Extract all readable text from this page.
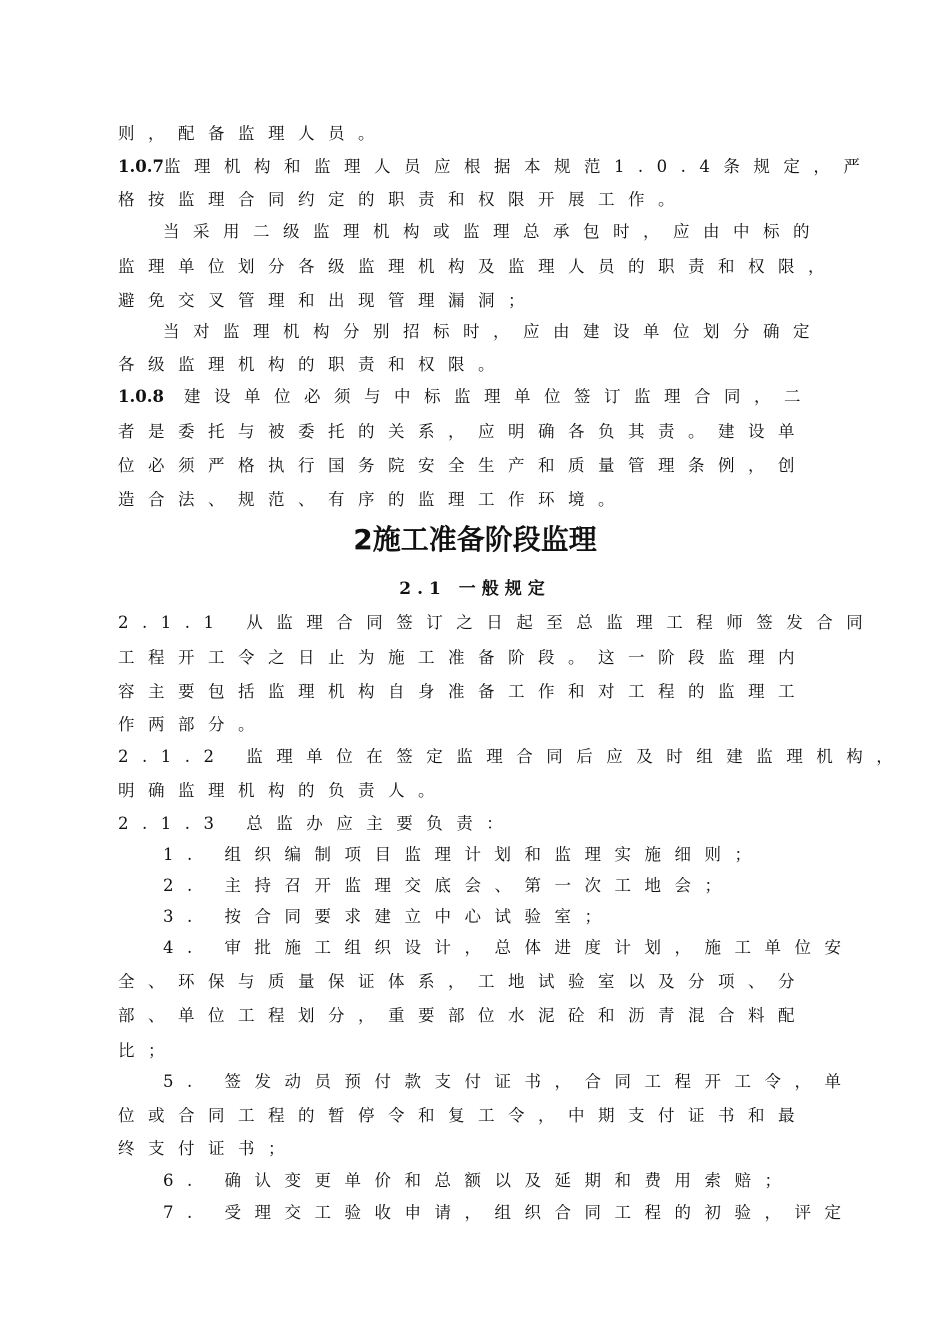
则，配备监理人员。
1.0.7监理机构和监理人员应根据本规范1.0.4条规定，严
格按监理合同约定的职责和权限开展工作。
当采用二级监理机构或监理总承包时，应由中标的
监理单位划分各级监理机构及监理人员的职责和权限，
避免交叉管理和出现管理漏洞；
当对监理机构分别招标时，应由建设单位划分确定
各级监理机构的职责和权限。
1.0.8 建设单位必须与中标监理单位签订监理合同，二
者是委托与被委托的关系，应明确各负其责。建设单
位必须严格执行国务院安全生产和质量管理条例，创
造合法、规范、有序的监理工作环境。
2施工准备阶段监理
2.1 一般规定
2.1.1 从监理合同签订之日起至总监理工程师签发合同
工程开工令之日止为施工准备阶段。这一阶段监理内
容主要包括监理机构自身准备工作和对工程的监理工
作两部分。
2.1.2 监理单位在签定监理合同后应及时组建监理机构，
明确监理机构的负责人。
2.1.3 总监办应主要负责：
1. 组织编制项目监理计划和监理实施细则；
2. 主持召开监理交底会、第一次工地会；
3. 按合同要求建立中心试验室；
4. 审批施工组织设计，总体进度计划，施工单位安
全、环保与质量保证体系，工地试验室以及分项、分
部、单位工程划分，重要部位水泥砼和沥青混合料配
比；
5. 签发动员预付款支付证书，合同工程开工令，单
位或合同工程的暂停令和复工令，中期支付证书和最
终支付证书；
6. 确认变更单价和总额以及延期和费用索赔；
7. 受理交工验收申请，组织合同工程的初验，评定
